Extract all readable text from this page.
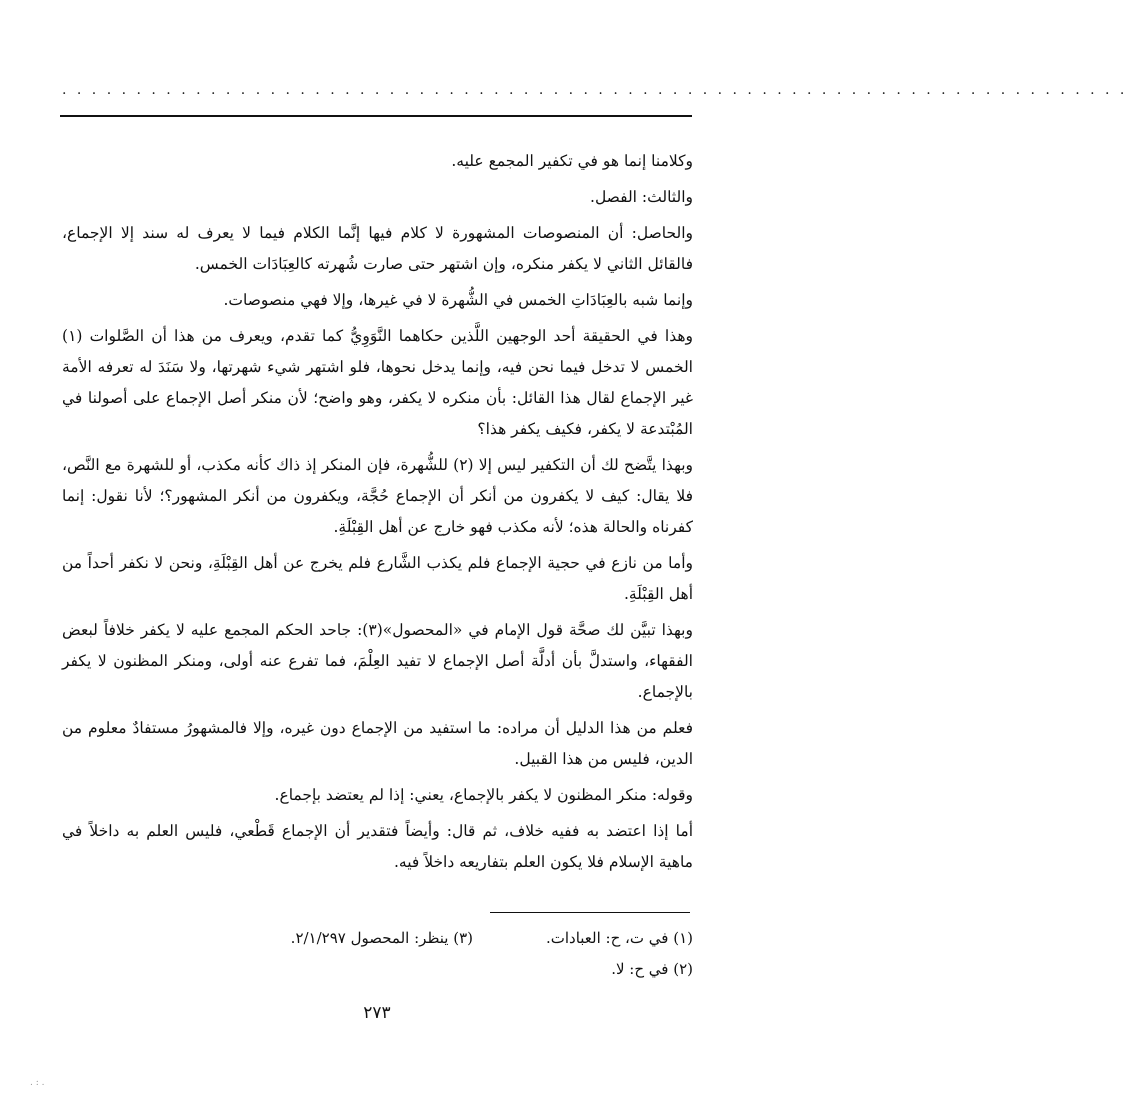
. . . . . . . . . . . . . . . . . . . . . . . . . . . . . . . . . . . . . . . . . . . . . . . . . . . . . . . . . . . . . . . . . . . . . . . .

وكلامنا إنما هو في تكفير المجمع عليه.

والثالث: الفصل.

والحاصل: أن المنصوصات المشهورة لا كلام فيها إنَّما الكلام فيما لا يعرف له سند إلا الإجماع، فالقائل الثاني لا يكفر منكره، وإن اشتهر حتى صارت شُهرته كالعِبَادَات الخمس.

وإنما شبه بالعِبَادَاتِ الخمس في الشُّهرة لا في غيرها، وإلا فهي منصوصات.

وهذا في الحقيقة أحد الوجهين اللَّذين حكاهما النَّوَوِيُّ كما تقدم، ويعرف من هذا أن الصَّلوات (١) الخمس لا تدخل فيما نحن فيه، وإنما يدخل نحوها، فلو اشتهر شيء شهرتها، ولا سَنَدَ له تعرفه الأمة غير الإجماع لقال هذا القائل: بأن منكره لا يكفر، وهو واضح؛ لأن منكر أصل الإجماع على أصولنا في المُبْتدعة لا يكفر، فكيف يكفر هذا؟

وبهذا يتَّضح لك أن التكفير ليس إلا (٢) للشُّهرة، فإن المنكر إذ ذاك كأنه مكذب، أو للشهرة مع النَّص، فلا يقال: كيف لا يكفرون من أنكر أن الإجماع حُجَّة، ويكفرون من أنكر المشهور؟؛ لأنا نقول: إنما كفرناه والحالة هذه؛ لأنه مكذب فهو خارج عن أهل القِبْلَةِ.

وأما من نازع في حجية الإجماع فلم يكذب الشَّارع فلم يخرج عن أهل القِبْلَةِ، ونحن لا نكفر أحداً من أهل القِبْلَةِ.

وبهذا تبيَّن لك صحَّة قول الإمام في «المحصول»(٣): جاحد الحكم المجمع عليه لا يكفر خلافاً لبعض الفقهاء، واستدلَّ بأن أدلَّة أصل الإجماع لا تفيد العِلْمَ، فما تفرع عنه أولى، ومنكر المظنون لا يكفر بالإجماع.

فعلم من هذا الدليل أن مراده: ما استفيد من الإجماع دون غيره، وإلا فالمشهورُ مستفادٌ معلوم من الدين، فليس من هذا القبيل.

وقوله: منكر المظنون لا يكفر بالإجماع، يعني: إذا لم يعتضد بإجماع.

أما إذا اعتضد به ففيه خلاف، ثم قال: وأيضاً فتقدير أن الإجماع قَطْعي، فليس العلم به داخلاً في ماهية الإسلام فلا يكون العلم بتفاريعه داخلاً فيه.

(١) في ت، ح: العبادات.
(٣) ينظر: المحصول ٢/١/٢٩٧.
(٢) في ح: لا.
٢٧٣
. : .
